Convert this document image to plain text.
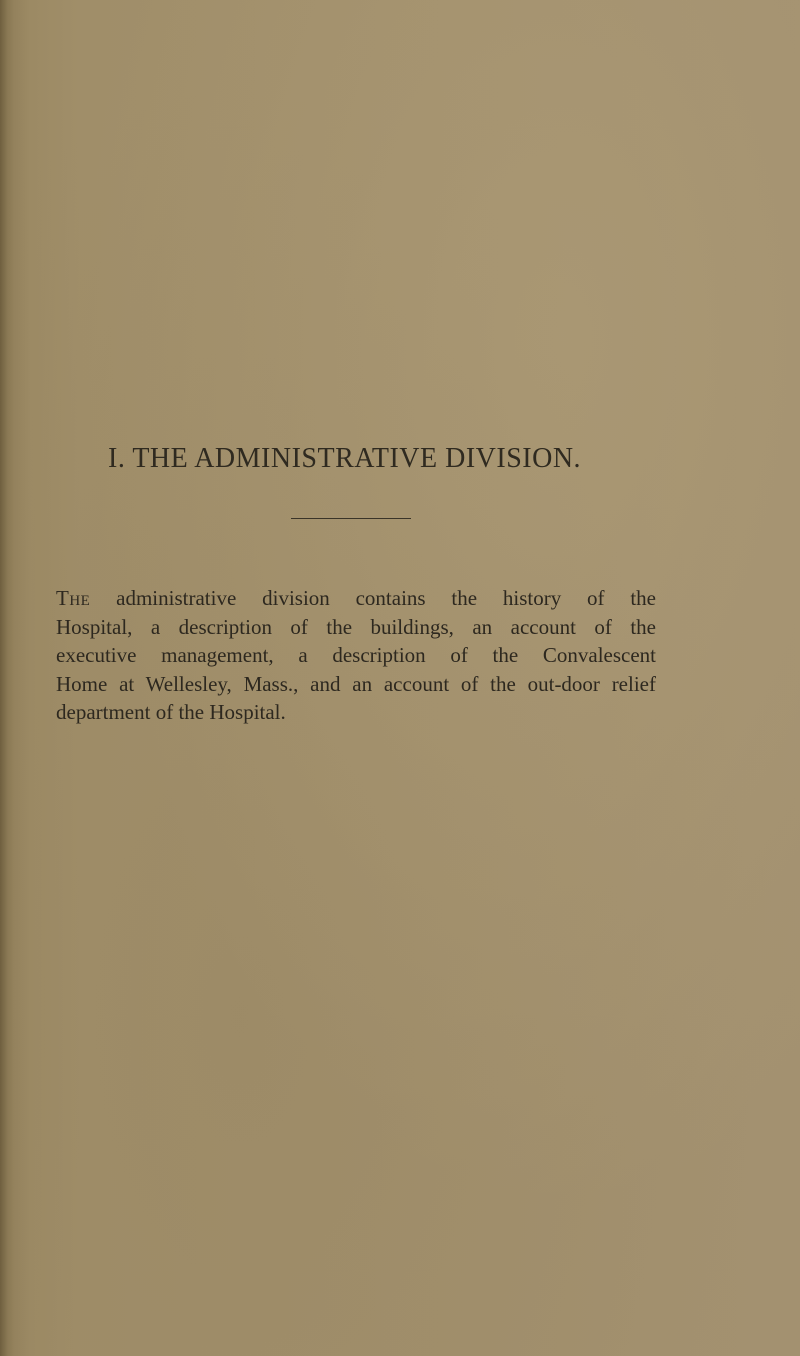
I. THE ADMINISTRATIVE DIVISION.
The administrative division contains the history of the
Hospital, a description of the buildings, an account of the
executive management, a description of the Convalescent
Home at Wellesley, Mass., and an account of the out-door relief
department of the Hospital.
